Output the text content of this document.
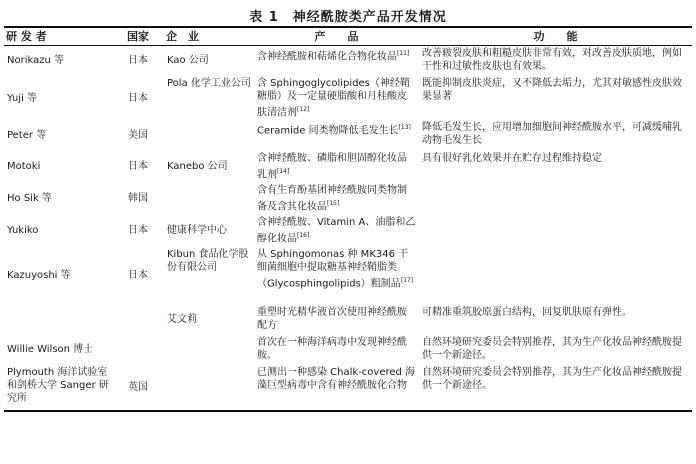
表 1　神经酰胺类产品开发情况
研 发 者	国家	企　业	产　　品	功　　能
Norikazu 等	日本	Kao 公司	含神经酰胺和萜烯化合物化妆品[11]	改善皲裂皮肤和粗糙皮肤非常有效，对改善皮肤质地，例如干性和过敏性皮肤也有效果。
Yuji 等	日本	Pola 化学工业公司	含 Sphingoglycolipides（神经鞘糖脂）及一定量硬脂酸和月桂酸皮肤清洁剂[12]	既能抑制皮肤炎症，又不降低去垢力，尤其对敏感性皮肤效果显著
Peter 等	美国		Ceramide 同类物降低毛发生长[13]	降低毛发生长，应用增加细胞间神经酰胺水平，可减缓哺乳动物毛发生长
Motoki	日本	Kanebo 公司	含神经酰胺、磷脂和胆固醇化妆品乳剂[14]	具有很好乳化效果并在贮存过程维持稳定
Ho Sik 等	韩国		含有生育酚基团神经酰胺同类物制备及含其化妆品[15]	
Yukiko	日本	健康科学中心	含神经酰胺、Vitamin A、油脂和乙醇化妆品[16]	
Kazuyoshi 等	日本	Kibun 食品化学股份有限公司	从 Sphingomonas 种 MK346 干细菌细胞中提取糖基神经鞘脂类（Glycosphingolipids）粗制品[17]	
		艾文莉	重塑时光精华液首次使用神经酰胺配方	可精准重筑胶原蛋白结构，回复肌肤原有弹性。
Willie Wilson 博士			首次在一种海洋病毒中发现神经酰胺。	自然环境研究委员会特别推荐，其为生产化妆品神经酰胺提供一个新途径。
Plymouth 海洋试验室和剑桥大学 Sanger 研究所	英国		已测出一种感染 Chalk-covered 海藻巨型病毒中含有神经酰胺化合物	自然环境研究委员会特别推荐，其为生产化妆品神经酰胺提供一个新途径。
